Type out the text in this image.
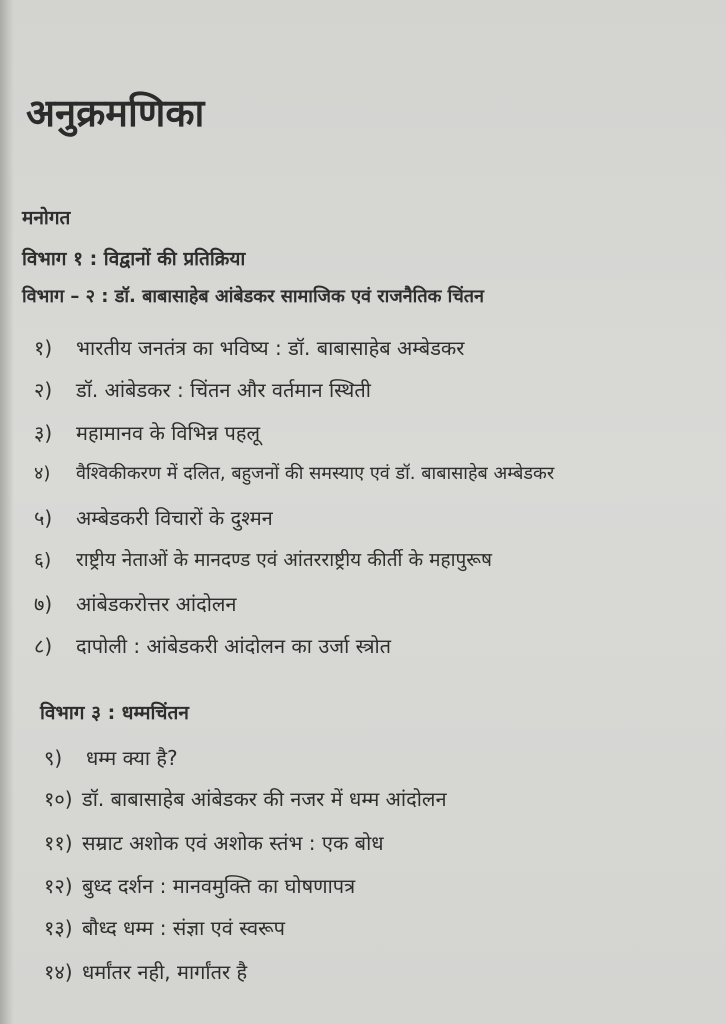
अनुक्रमणिका
मनोगत
विभाग १ : विद्वानों की प्रतिक्रिया
विभाग – २ : डॉ. बाबासाहेब आंबेडकर सामाजिक एवं राजनैतिक चिंतन
१) भारतीय जनतंत्र का भविष्य : डॉ. बाबासाहेब अम्बेडकर
२) डॉ. आंबेडकर : चिंतन और वर्तमान स्थिती
३) महामानव के विभिन्न पहलू
४) वैश्विकीकरण में दलित, बहुजनों की समस्याए एवं डॉ. बाबासाहेब अम्बेडकर
५) अम्बेडकरी विचारों के दुश्मन
६) राष्ट्रीय नेताओं के मानदण्ड एवं आंतरराष्ट्रीय कीर्ती के महापुरूष
७) आंबेडकरोत्तर आंदोलन
८) दापोली : आंबेडकरी आंदोलन का उर्जा स्त्रोत
विभाग ३ : धम्मचिंतन
९) धम्म क्या है?
१०) डॉ. बाबासाहेब आंबेडकर की नजर में धम्म आंदोलन
११) सम्राट अशोक एवं अशोक स्तंभ : एक बोध
१२) बुध्द दर्शन : मानवमुक्ति का घोषणापत्र
१३) बौध्द धम्म : संज्ञा एवं स्वरूप
१४) धर्मांतर नही, मार्गांतर है
